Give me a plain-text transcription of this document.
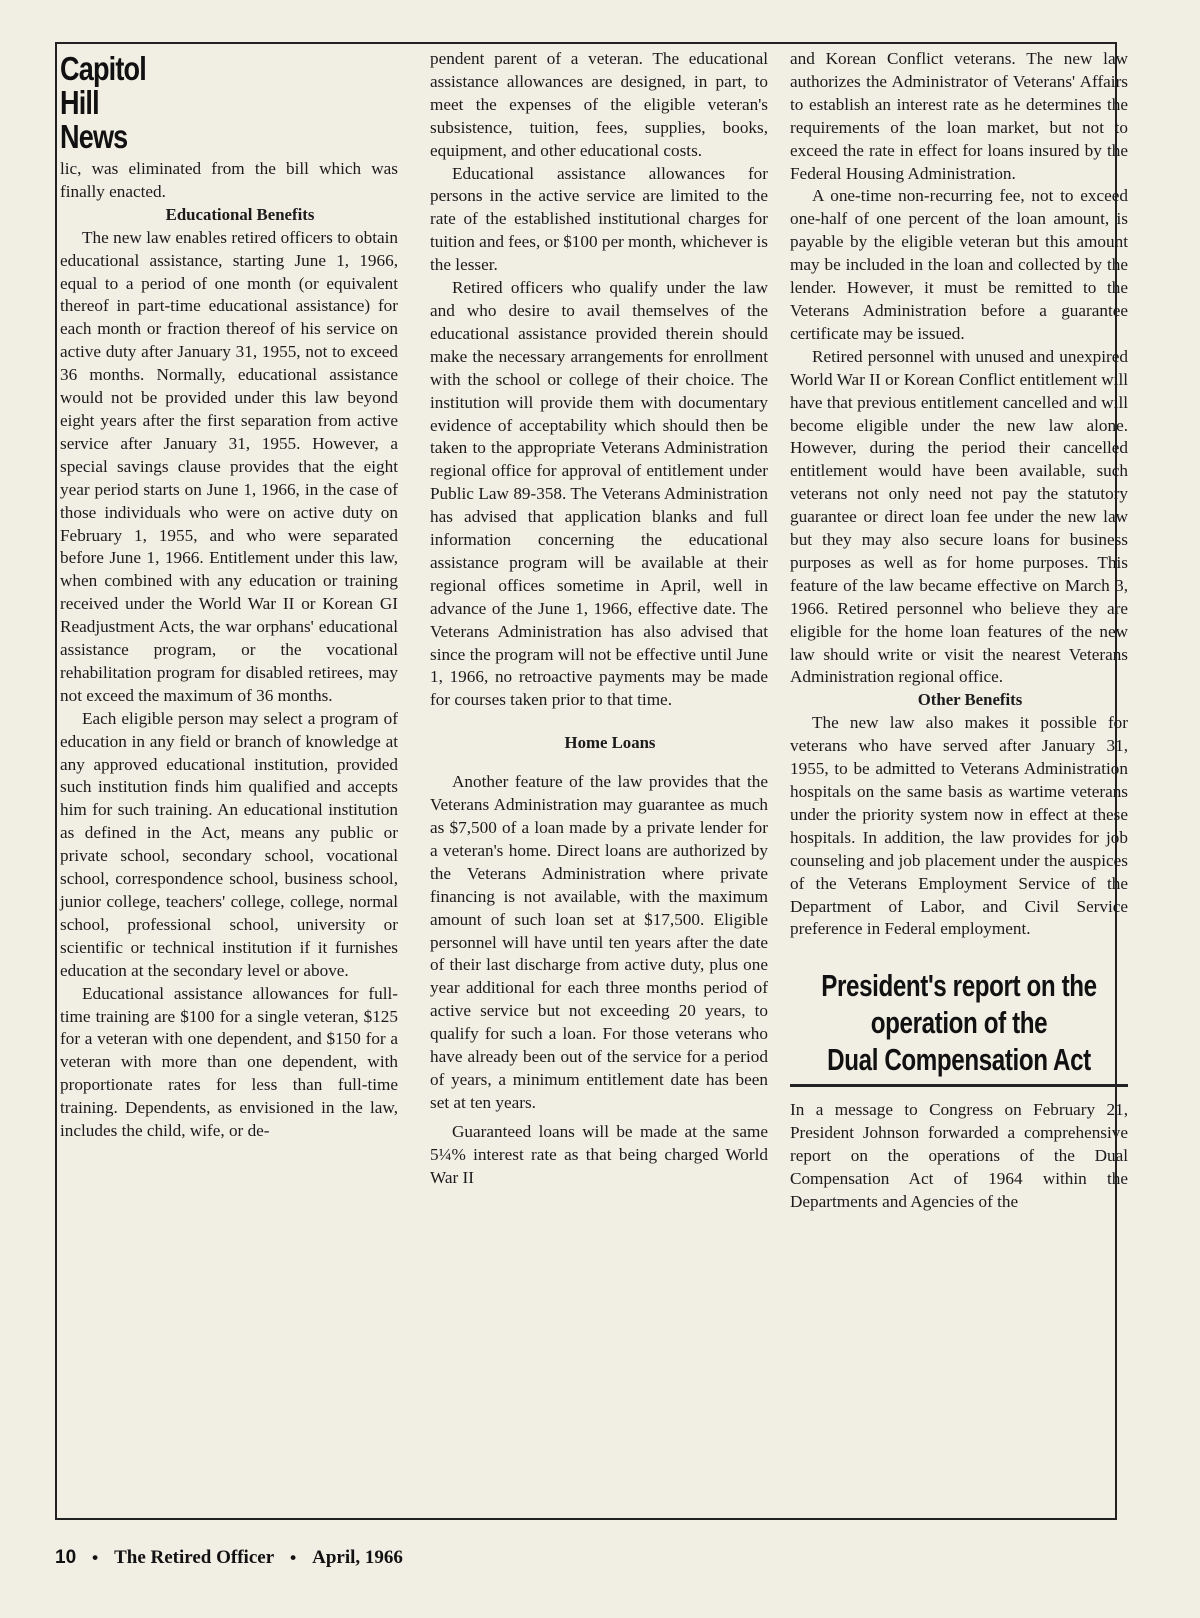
Capitol
Hill
News

lic, was eliminated from the bill which was finally enacted.

Educational Benefits

The new law enables retired officers to obtain educational assistance, starting June 1, 1966, equal to a period of one month (or equivalent thereof in part-time educational assistance) for each month or fraction thereof of his service on active duty after January 31, 1955, not to exceed 36 months. Normally, educational assistance would not be provided under this law beyond eight years after the first separation from active service after January 31, 1955. However, a special savings clause provides that the eight year period starts on June 1, 1966, in the case of those individuals who were on active duty on February 1, 1955, and who were separated before June 1, 1966. Entitlement under this law, when combined with any education or training received under the World War II or Korean GI Readjustment Acts, the war orphans' educational assistance program, or the vocational rehabilitation program for disabled retirees, may not exceed the maximum of 36 months.

Each eligible person may select a program of education in any field or branch of knowledge at any approved educational institution, provided such institution finds him qualified and accepts him for such training. An educational institution as defined in the Act, means any public or private school, secondary school, vocational school, correspondence school, business school, junior college, teachers' college, college, normal school, professional school, university or scientific or technical institution if it furnishes education at the secondary level or above.

Educational assistance allowances for full-time training are $100 for a single veteran, $125 for a veteran with one dependent, and $150 for a veteran with more than one dependent, with proportionate rates for less than full-time training. Dependents, as envisioned in the law, includes the child, wife, or de-

pendent parent of a veteran. The educational assistance allowances are designed, in part, to meet the expenses of the eligible veteran's subsistence, tuition, fees, supplies, books, equipment, and other educational costs.

Educational assistance allowances for persons in the active service are limited to the rate of the established institutional charges for tuition and fees, or $100 per month, whichever is the lesser.

Retired officers who qualify under the law and who desire to avail themselves of the educational assistance provided therein should make the necessary arrangements for enrollment with the school or college of their choice. The institution will provide them with documentary evidence of acceptability which should then be taken to the appropriate Veterans Administration regional office for approval of entitlement under Public Law 89-358. The Veterans Administration has advised that application blanks and full information concerning the educational assistance program will be available at their regional offices sometime in April, well in advance of the June 1, 1966, effective date. The Veterans Administration has also advised that since the program will not be effective until June 1, 1966, no retroactive payments may be made for courses taken prior to that time.

Home Loans

Another feature of the law provides that the Veterans Administration may guarantee as much as $7,500 of a loan made by a private lender for a veteran's home. Direct loans are authorized by the Veterans Administration where private financing is not available, with the maximum amount of such loan set at $17,500. Eligible personnel will have until ten years after the date of their last discharge from active duty, plus one year additional for each three months period of active service but not exceeding 20 years, to qualify for such a loan. For those veterans who have already been out of the service for a period of years, a minimum entitlement date has been set at ten years.

Guaranteed loans will be made at the same 5¼% interest rate as that being charged World War II

and Korean Conflict veterans. The new law authorizes the Administrator of Veterans' Affairs to establish an interest rate as he determines the requirements of the loan market, but not to exceed the rate in effect for loans insured by the Federal Housing Administration.

A one-time non-recurring fee, not to exceed one-half of one percent of the loan amount, is payable by the eligible veteran but this amount may be included in the loan and collected by the lender. However, it must be remitted to the Veterans Administration before a guarantee certificate may be issued.

Retired personnel with unused and unexpired World War II or Korean Conflict entitlement will have that previous entitlement cancelled and will become eligible under the new law alone. However, during the period their cancelled entitlement would have been available, such veterans not only need not pay the statutory guarantee or direct loan fee under the new law but they may also secure loans for business purposes as well as for home purposes. This feature of the law became effective on March 3, 1966. Retired personnel who believe they are eligible for the home loan features of the new law should write or visit the nearest Veterans Administration regional office.

Other Benefits

The new law also makes it possible for veterans who have served after January 31, 1955, to be admitted to Veterans Administration hospitals on the same basis as wartime veterans under the priority system now in effect at these hospitals. In addition, the law provides for job counseling and job placement under the auspices of the Veterans Employment Service of the Department of Labor, and Civil Service preference in Federal employment.

President's report on the
operation of the
Dual Compensation Act

In a message to Congress on February 21, President Johnson forwarded a comprehensive report on the operations of the Dual Compensation Act of 1964 within the Departments and Agencies of the

10 • The Retired Officer • April, 1966
